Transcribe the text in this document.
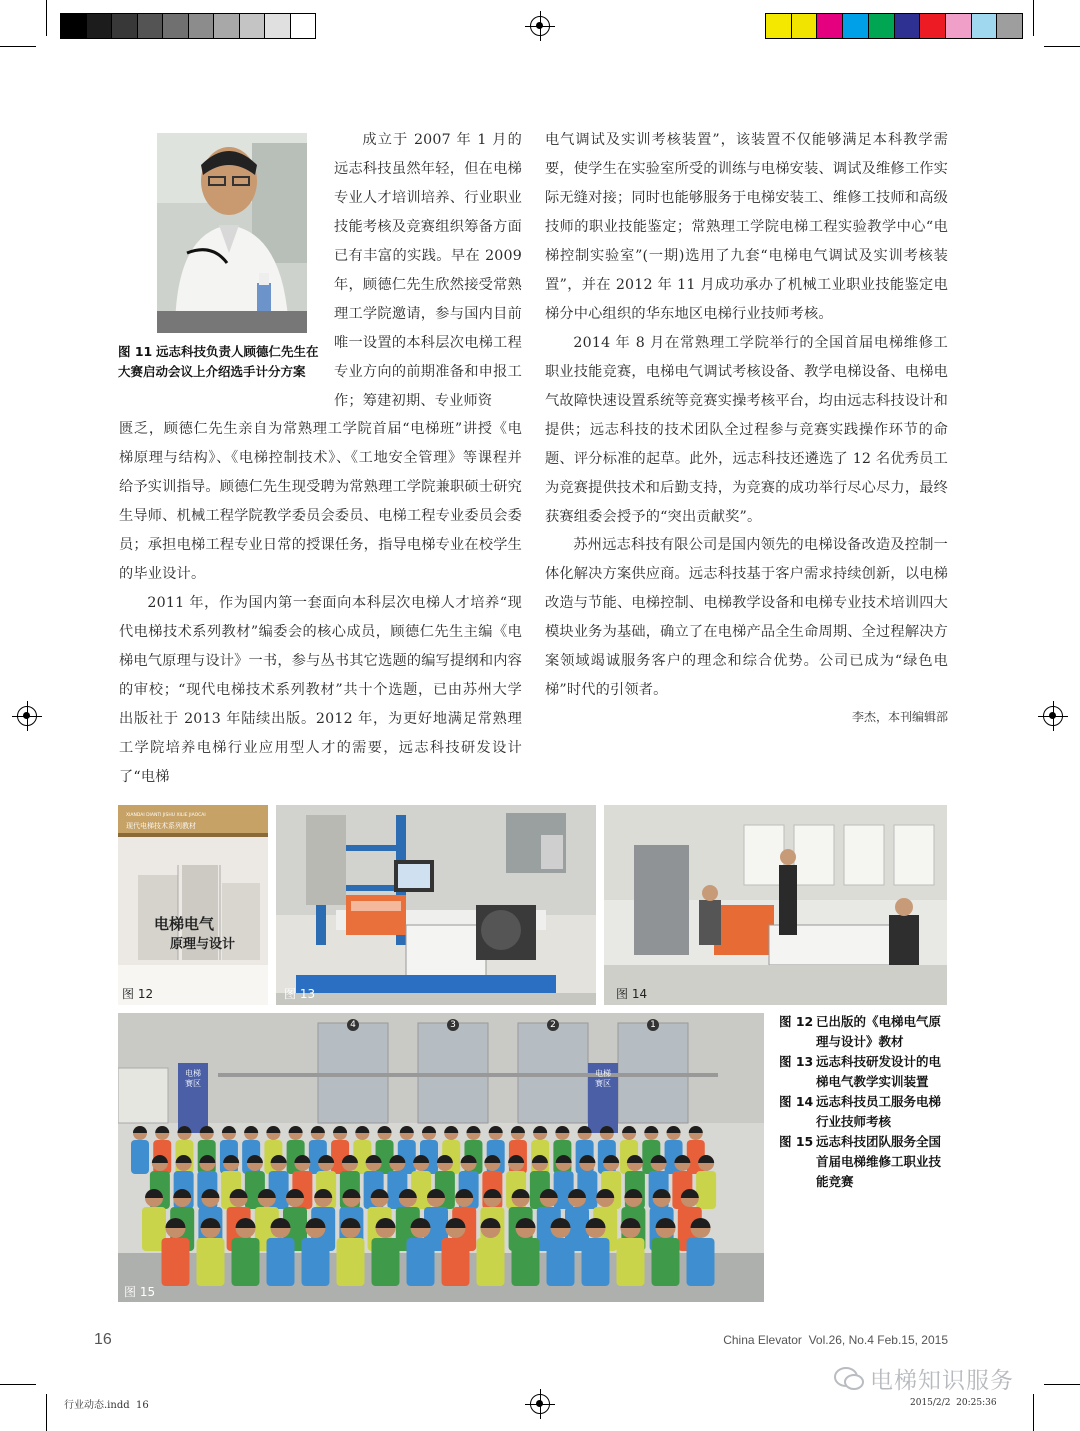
图 11 远志科技负责人顾德仁先生在大赛启动会议上介绍选手计分方案

成立于 2007 年 1 月的远志科技虽然年轻，但在电梯专业人才培训培养、行业职业技能考核及竞赛组织筹备方面已有丰富的实践。早在 2009 年，顾德仁先生欣然接受常熟理工学院邀请，参与国内目前唯一设置的本科层次电梯工程专业方向的前期准备和申报工作；筹建初期、专业师资

匮乏，顾德仁先生亲自为常熟理工学院首届“电梯班”讲授《电梯原理与结构》、《电梯控制技术》、《工地安全管理》等课程并给予实训指导。顾德仁先生现受聘为常熟理工学院兼职硕士研究生导师、机械工程学院教学委员会委员、电梯工程专业委员会委员；承担电梯工程专业日常的授课任务，指导电梯专业在校学生的毕业设计。

2011 年，作为国内第一套面向本科层次电梯人才培养“现代电梯技术系列教材”编委会的核心成员，顾德仁先生主编《电梯电气原理与设计》一书，参与丛书其它选题的编写提纲和内容的审校；“现代电梯技术系列教材”共十个选题，已由苏州大学出版社于 2013 年陆续出版。2012 年，为更好地满足常熟理工学院培养电梯行业应用型人才的需要，远志科技研发设计了“电梯

电气调试及实训考核装置”，该装置不仅能够满足本科教学需要，使学生在实验室所受的训练与电梯安装、调试及维修工作实际无缝对接；同时也能够服务于电梯安装工、维修工技师和高级技师的职业技能鉴定；常熟理工学院电梯工程实验教学中心“电梯控制实验室”(一期)选用了九套“电梯电气调试及实训考核装置”，并在 2012 年 11 月成功承办了机械工业职业技能鉴定电梯分中心组织的华东地区电梯行业技师考核。

2014 年 8 月在常熟理工学院举行的全国首届电梯维修工职业技能竞赛，电梯电气调试考核设备、教学电梯设备、电梯电气故障快速设置系统等竞赛实操考核平台，均由远志科技设计和提供；远志科技的技术团队全过程参与竞赛实践操作环节的命题、评分标准的起草。此外，远志科技还遴选了 12 名优秀员工为竞赛提供技术和后勤支持，为竞赛的成功举行尽心尽力，最终获赛组委会授予的“突出贡献奖”。

苏州远志科技有限公司是国内领先的电梯设备改造及控制一体化解决方案供应商。远志科技基于客户需求持续创新，以电梯改造与节能、电梯控制、电梯教学设备和电梯专业技术培训四大模块业务为基础，确立了在电梯产品全生命周期、全过程解决方案领域竭诚服务客户的理念和综合优势。公司已成为“绿色电梯”时代的引领者。

李杰，本刊编辑部
XIANDAI DIANTI JISHU XILIE JIAOCAI
现代电梯技术系列教材
电梯电气
原理与设计
图 12	图 13	图 14
电梯赛区
电梯赛区
4	3	2	1
图 15
图 12 已出版的《电梯电气原理与设计》教材
图 13 远志科技研发设计的电梯电气教学实训装置
图 14 远志科技员工服务电梯行业技师考核
图 15 远志科技团队服务全国首届电梯维修工职业技能竞赛
16	China Elevator  Vol.26, No.4 Feb.15, 2015
行业动态.indd  16	2015/2/2  20:25:36
电梯知识服务
